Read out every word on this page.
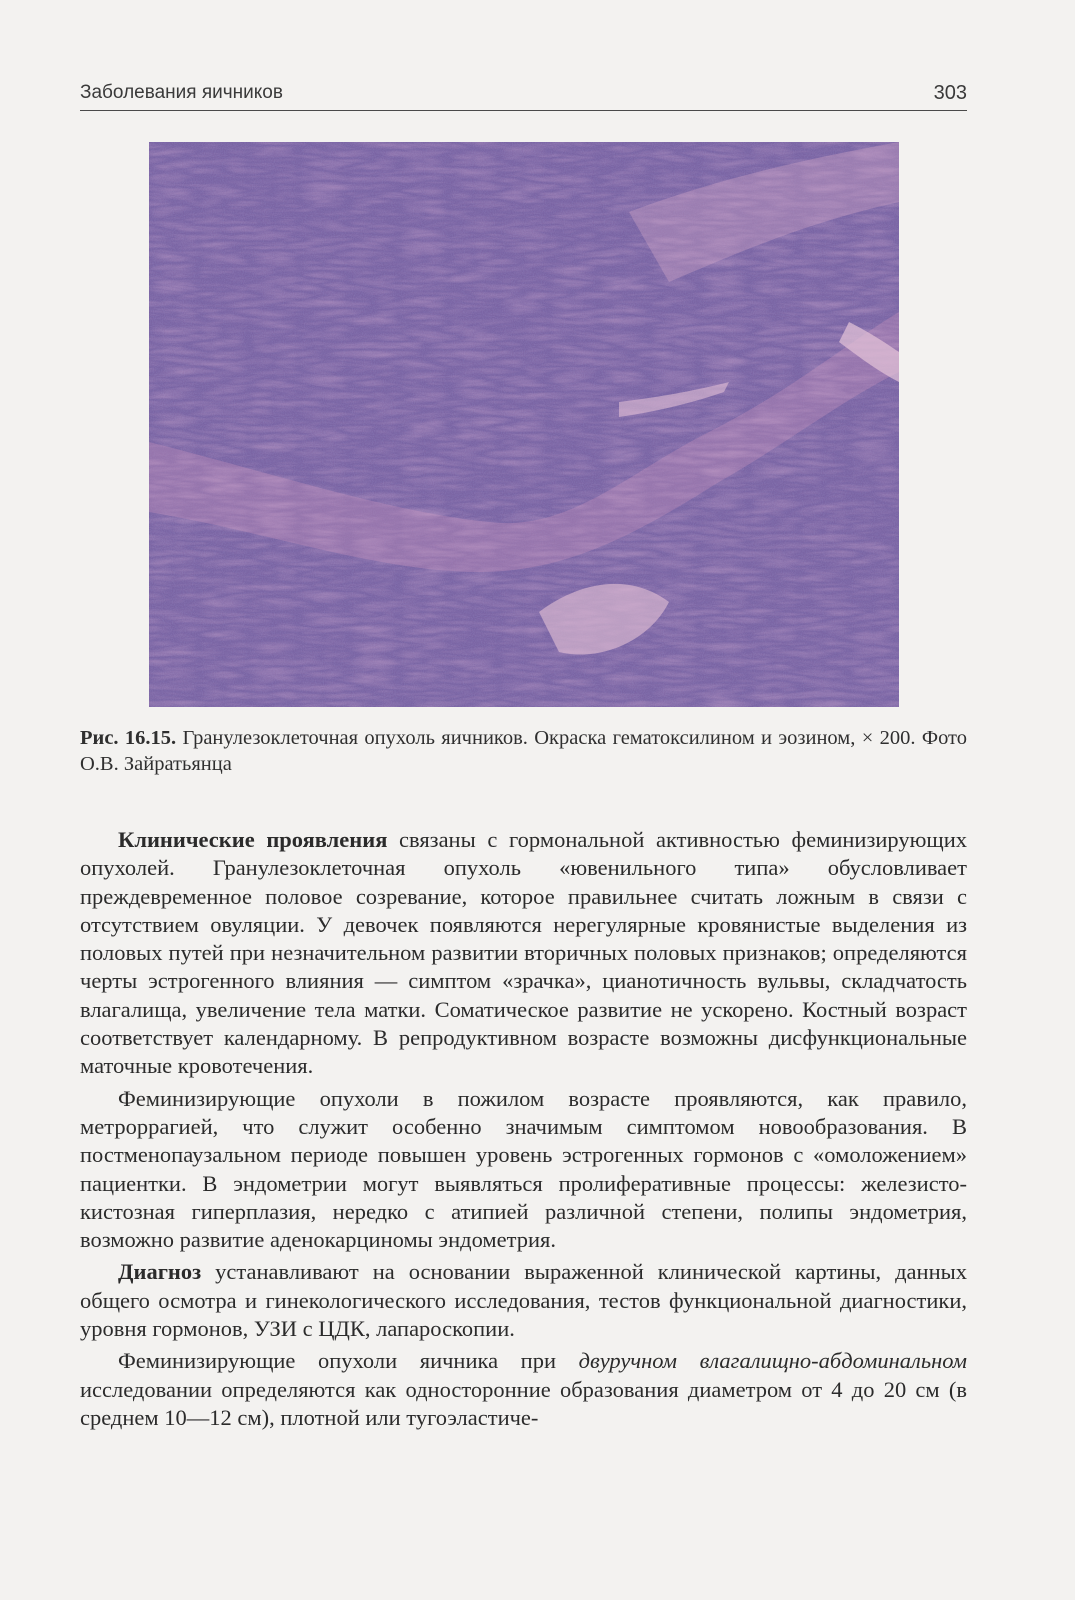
Заболевания яичников	303
Рис. 16.15. Гранулезоклеточная опухоль яичников. Окраска гематоксилином и эозином, × 200. Фото О.В. Зайратьянца

Клинические проявления связаны с гормональной активностью феминизирующих опухолей. Гранулезоклеточная опухоль «ювенильного типа» обусловливает преждевременное половое созревание, которое правильнее считать ложным в связи с отсутствием овуляции. У девочек появляются нерегулярные кровянистые выделения из половых путей при незначительном развитии вторичных половых признаков; определяются черты эстрогенного влияния — симптом «зрачка», цианотичность вульвы, складчатость влагалища, увеличение тела матки. Соматическое развитие не ускорено. Костный возраст соответствует календарному. В репродуктивном возрасте возможны дисфункциональные маточные кровотечения.

Феминизирующие опухоли в пожилом возрасте проявляются, как правило, метроррагией, что служит особенно значимым симптомом новообразования. В постменопаузальном периоде повышен уровень эстрогенных гормонов с «омоложением» пациентки. В эндометрии могут выявляться пролиферативные процессы: железисто-кистозная гиперплазия, нередко с атипией различной степени, полипы эндометрия, возможно развитие аденокарциномы эндометрия.

Диагноз устанавливают на основании выраженной клинической картины, данных общего осмотра и гинекологического исследования, тестов функциональной диагностики, уровня гормонов, УЗИ с ЦДК, лапароскопии.

Феминизирующие опухоли яичника при двуручном влагалищно-абдоминальном исследовании определяются как односторонние образования диаметром от 4 до 20 см (в среднем 10—12 см), плотной или тугоэластиче-
